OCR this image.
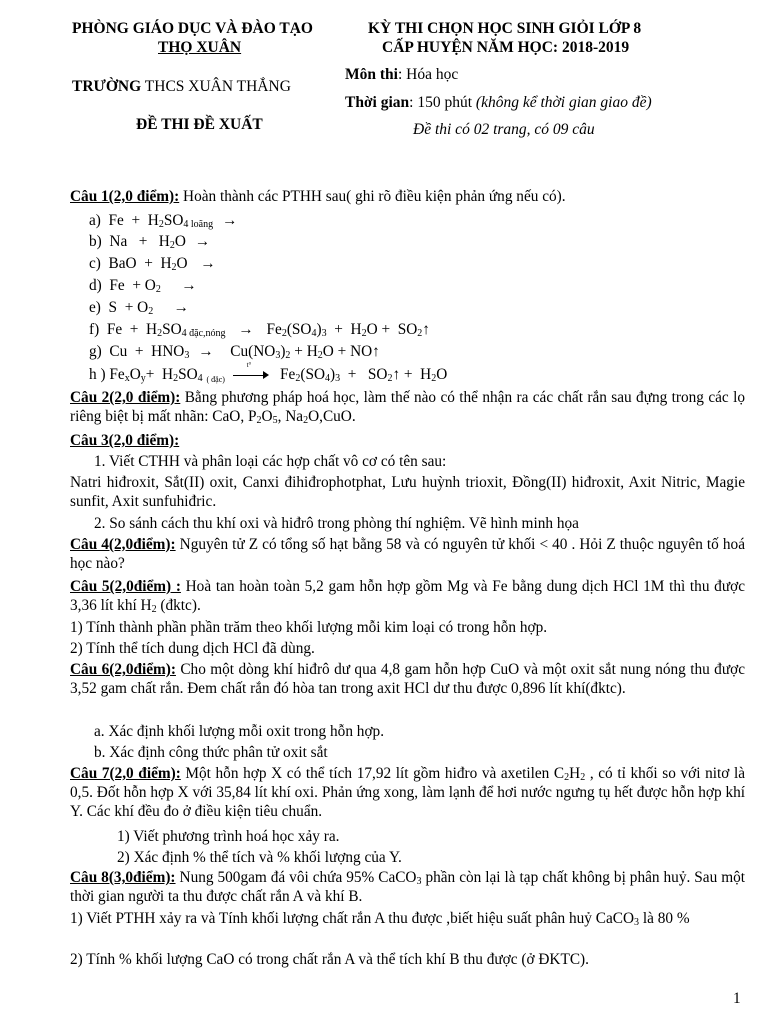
PHÒNG GIÁO DỤC VÀ ĐÀO TẠO
THỌ XUÂN
KỲ THI CHỌN HỌC SINH GIỎI LỚP 8
CẤP HUYỆN NĂM HỌC: 2018-2019
TRƯỜNG THCS XUÂN THẮNG
Môn thi: Hóa học
Thời gian: 150 phút (không kể thời gian giao đề)
ĐỀ THI ĐỀ XUẤT	Đề thi có 02 trang, có 09 câu
Câu 1(2,0 điểm): Hoàn thành các PTHH sau( ghi rõ điều kiện phản ứng nếu có).
a)  $Fe + H_2SO_{4 loãng}$ →
b)  $Na + H_2O$  →
c)  BaO  +  $H_2O$   →
d)  $Fe + O_2$ →
e)  $S + O_2$ →
f)  $Fe + H_2SO_{4 đặc,nóng} \to Fe_2(SO_4)_3 + H_2O$ +  $SO_2↑$
g)  $Cu + HNO_3$ →    $Cu(NO_3)_2 + H_2O$ + NO↑
h ) $Fe_xO_y+ H_2SO_4$ ( đặc)
t°
$Fe_2(SO_4)_3$  +   $SO_2↑ + H_2O$
Câu 2(2,0 điểm): Bằng phương pháp hoá học, làm thế nào có thể nhận ra các chất rắn sau đựng trong các lọ riêng biệt bị mất nhãn: CaO, $P_2O_5$, $Na_2O,CuO$.
Câu 3(2,0 điểm):
1. Viết CTHH và phân loại các hợp chất vô cơ có tên sau:
Natri hiđroxit, Sắt(II) oxit, Canxi đihiđrophotphat, Lưu huỳnh trioxit, Đồng(II) hiđroxit, Axit Nitric, Magie sunfit, Axit sunfuhiđric.
2. So sánh cách thu khí oxi và hiđrô trong phòng thí nghiệm. Vẽ hình minh họa
Câu 4(2,0điểm): Nguyên tử Z có tổng số hạt bằng 58 và có nguyên tử khối < 40 . Hỏi Z thuộc nguyên tố hoá học nào?
Câu 5(2,0điểm) : Hoà tan hoàn toàn 5,2 gam hỗn hợp gồm Mg và Fe bằng dung dịch HCl 1M thì thu được 3,36 lít khí $H_2$ (đktc).
1) Tính thành phần phần trăm theo khối lượng mỗi kim loại có trong hỗn hợp.
2) Tính thể tích dung dịch HCl đã dùng.
Câu 6(2,0điểm): Cho một dòng khí hiđrô dư qua 4,8 gam hỗn hợp CuO và một oxit sắt nung nóng thu được 3,52 gam chất rắn. Đem chất rắn đó hòa tan trong axit HCl dư thu được 0,896 lít khí(đktc).
a. Xác định khối lượng mỗi oxit trong hỗn hợp.
b. Xác định công thức phân tử oxit sắt
Câu 7(2,0 điểm): Một hỗn hợp X có thể tích 17,92 lít gồm hiđro và axetilen $C_2H_2$ , có tỉ khối so với nitơ là 0,5. Đốt hỗn hợp X với 35,84 lít khí oxi. Phản ứng xong, làm lạnh để hơi nước ngưng tụ hết được hỗn hợp khí Y. Các khí đều đo ở điều kiện tiêu chuẩn.
1) Viết phương trình hoá học xảy ra.
2) Xác định % thể tích và % khối lượng của Y.
Câu 8(3,0điểm): Nung 500gam đá vôi chứa 95% CaCO$_3$ phần còn lại là tạp chất không bị phân huỷ. Sau một thời gian người ta thu được chất rắn A và khí B.
1) Viết PTHH xảy ra và Tính khối lượng chất rắn A thu được ,biết hiệu suất phân huỷ CaCO$_3$ là 80 %
2) Tính % khối lượng CaO có trong chất rắn A và thể tích khí B thu được (ở ĐKTC).
1
